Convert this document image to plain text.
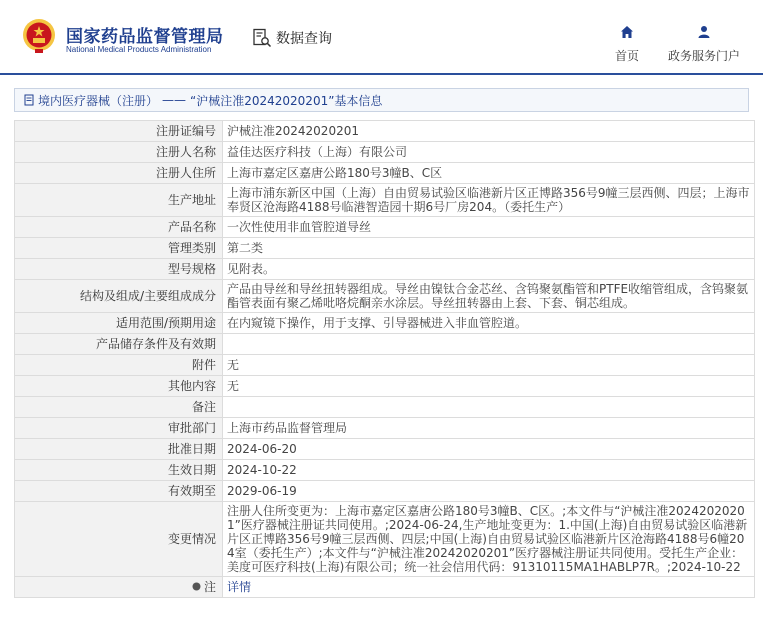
国家药品监督管理局
National Medical Products Administration
数据查询
首页 政务服务门户
境内医疗器械（注册） —— “沪械注准20242020201”基本信息
注册证编号	沪械注准20242020201
注册人名称	益佳达医疗科技（上海）有限公司
注册人住所	上海市嘉定区嘉唐公路180号3幢B、C区
生产地址	上海市浦东新区中国（上海）自由贸易试验区临港新片区正博路356号9幢三层西侧、四层；上海市奉贤区沧海路4188号临港智造园十期6号厂房204。（委托生产）
产品名称	一次性使用非血管腔道导丝
管理类别	第二类
型号规格	见附表。
结构及组成/主要组成成分	产品由导丝和导丝扭转器组成。导丝由镍钛合金芯丝、含钨聚氨酯管和PTFE收缩管组成，含钨聚氨酯管表面有聚乙烯吡咯烷酮亲水涂层。导丝扭转器由上套、下套、铜芯组成。
适用范围/预期用途	在内窥镜下操作，用于支撑、引导器械进入非血管腔道。
产品储存条件及有效期	
附件	无
其他内容	无
备注	
审批部门	上海市药品监督管理局
批准日期	2024-06-20
生效日期	2024-10-22
有效期至	2029-06-19
变更情况	注册人住所变更为：上海市嘉定区嘉唐公路180号3幢B、C区。;本文件与“沪械注准20242020201”医疗器械注册证共同使用。;2024-06-24,生产地址变更为：1.中国(上海)自由贸易试验区临港新片区正博路356号9幢三层西侧、四层;中国(上海)自由贸易试验区临港新片区沧海路4188号6幢204室（委托生产）;本文件与“沪械注准20242020201”医疗器械注册证共同使用。受托生产企业：美度可医疗科技(上海)有限公司；统一社会信用代码：91310115MA1HABLP7R。;2024-10-22

注	详情
